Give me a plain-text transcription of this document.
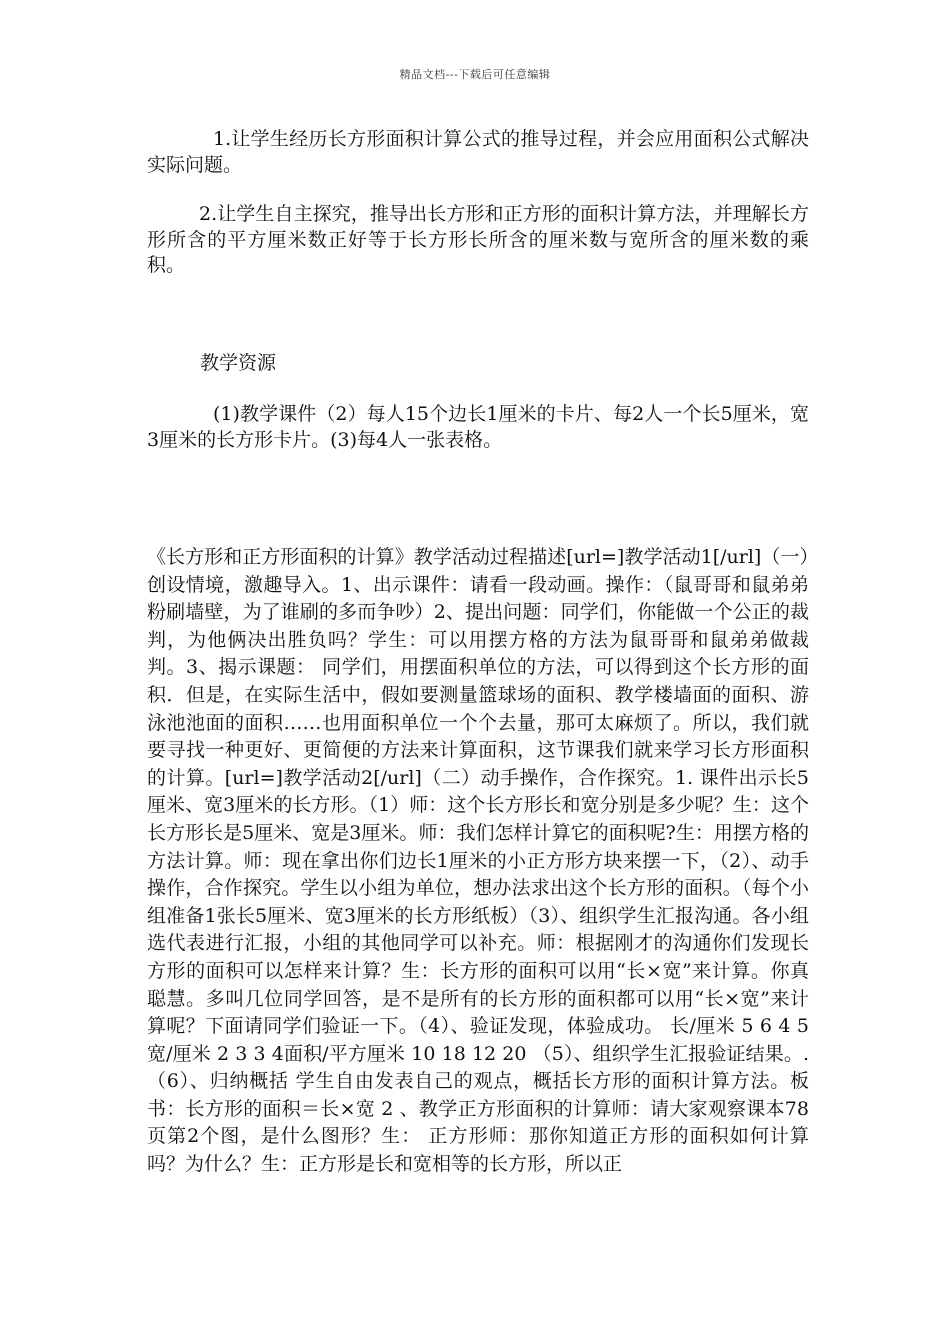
精品文档---下载后可任意编辑

1.让学生经历长方形面积计算公式的推导过程，并会应用面积公式解决实际问题。

2.让学生自主探究，推导出长方形和正方形的面积计算方法，并理解长方形所含的平方厘米数正好等于长方形长所含的厘米数与宽所含的厘米数的乘积。

教学资源

(1)教学课件（2）每人15个边长1厘米的卡片、每2人一个长5厘米，宽3厘米的长方形卡片。(3)每4人一张表格。

《长方形和正方形面积的计算》教学活动过程描述[url=]教学活动1[/url]（一）创设情境，激趣导入。1、出示课件：请看一段动画。操作：（鼠哥哥和鼠弟弟粉刷墙壁，为了谁刷的多而争吵）2、提出问题：同学们，你能做一个公正的裁判，为他俩决出胜负吗？学生：可以用摆方格的方法为鼠哥哥和鼠弟弟做裁判。3、揭示课题： 同学们，用摆面积单位的方法，可以得到这个长方形的面积．但是，在实际生活中，假如要测量篮球场的面积、教学楼墙面的面积、游泳池池面的面积……也用面积单位一个个去量，那可太麻烦了。所以，我们就要寻找一种更好、更简便的方法来计算面积，这节课我们就来学习长方形面积的计算。[url=]教学活动2[/url]（二）动手操作，合作探究。1. 课件出示长5厘米、宽3厘米的长方形。（1）师：这个长方形长和宽分别是多少呢？生：这个长方形长是5厘米、宽是3厘米。师：我们怎样计算它的面积呢?生：用摆方格的方法计算。师：现在拿出你们边长1厘米的小正方形方块来摆一下，（2）、动手操作，合作探究。学生以小组为单位，想办法求出这个长方形的面积。（每个小组准备1张长5厘米、宽3厘米的长方形纸板）（3）、组织学生汇报沟通。各小组选代表进行汇报，小组的其他同学可以补充。师：根据刚才的沟通你们发现长方形的面积可以怎样来计算？生：长方形的面积可以用“长×宽”来计算。你真聪慧。多叫几位同学回答，是不是所有的长方形的面积都可以用“长×宽”来计算呢？下面请同学们验证一下。（4）、验证发现，体验成功。 长/厘米 5 6 4 5宽/厘米 2 3 3 4面积/平方厘米 10 18 12 20 （5）、组织学生汇报验证结果。.（6）、归纳概括 学生自由发表自己的观点，概括长方形的面积计算方法。板书：长方形的面积＝长×宽 2 、教学正方形面积的计算师：请大家观察课本78页第2个图，是什么图形？生： 正方形师：那你知道正方形的面积如何计算吗？为什么？生：正方形是长和宽相等的长方形，所以正
